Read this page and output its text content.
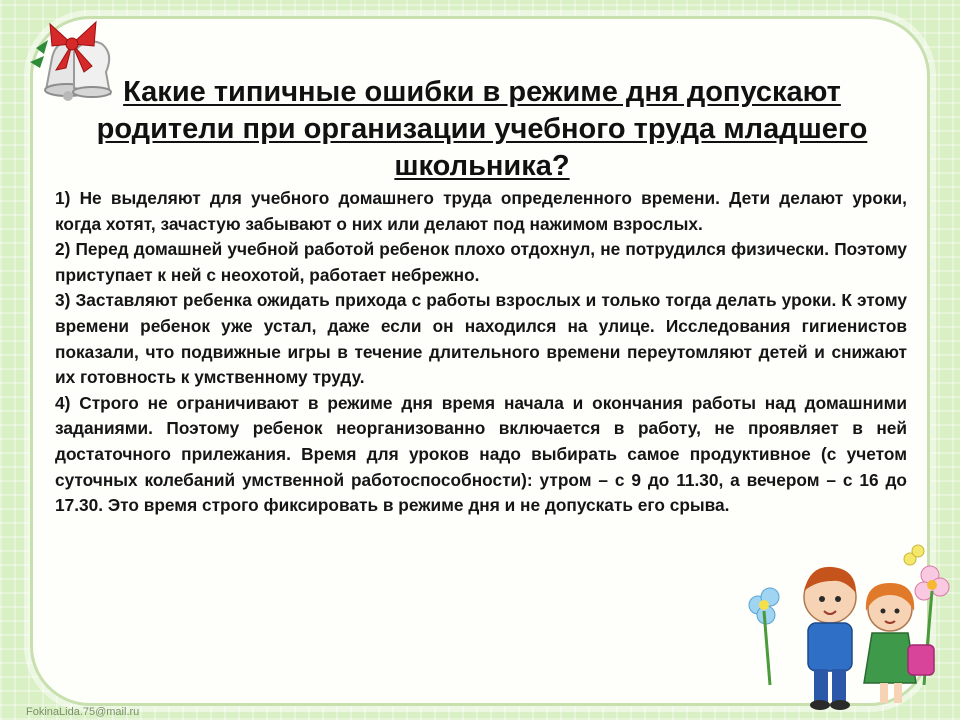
Какие типичные ошибки в режиме дня допускают родители при организации учебного труда младшего школьника?

1) Не выделяют для учебного домашнего труда определенного времени. Дети делают уроки, когда хотят, зачастую забывают о них или делают под нажимом взрослых.

2) Перед домашней учебной работой ребенок плохо отдохнул, не потрудился физически. Поэтому приступает к ней с неохотой, работает небрежно.

3) Заставляют ребенка ожидать прихода с работы взрослых и только тогда делать уроки. К этому времени ребенок уже устал, даже если он находился на улице. Исследования гигиенистов показали, что подвижные игры в течение длительного времени переутомляют детей и снижают их готовность к умственному труду.

4) Строго не ограничивают в режиме дня время начала и окончания работы над домашними заданиями. Поэтому ребенок неорганизованно включается в работу, не проявляет в ней достаточного прилежания. Время для уроков надо выбирать самое продуктивное (с учетом суточных колебаний умственной работоспособности): утром – с 9 до 11.30, а вечером – с 16 до 17.30. Это время строго фиксировать в режиме дня и не допускать его срыва.

FokinaLida.75@mail.ru
